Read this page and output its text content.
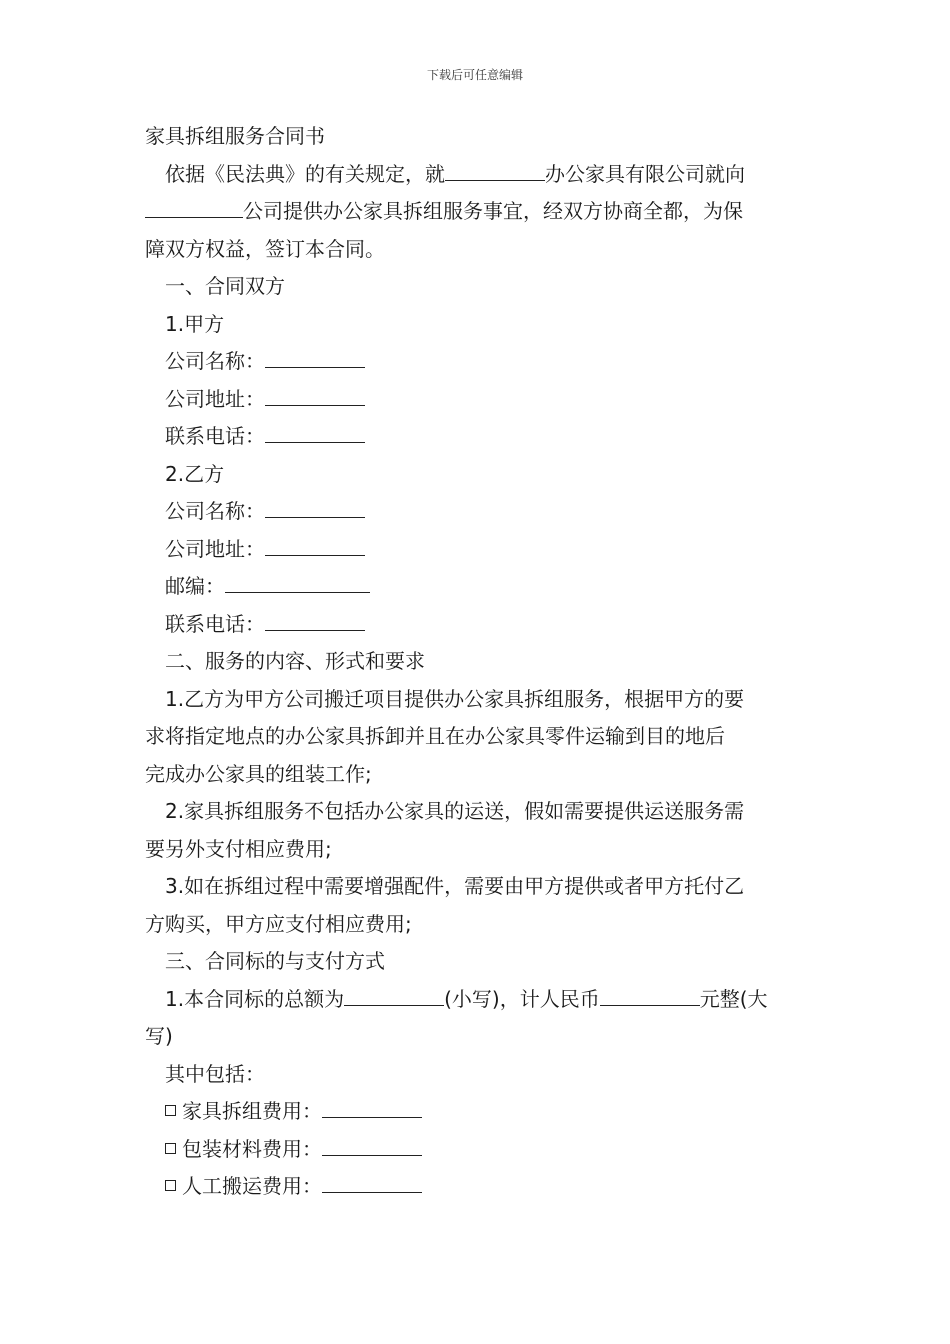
下载后可任意编辑
家具拆组服务合同书
依据《民法典》的有关规定，就	办公家具有限公司就向
公司提供办公家具拆组服务事宜，经双方协商全都，为保
障双方权益，签订本合同。
一、合同双方
1.甲方
公司名称：
公司地址：
联系电话：
2.乙方
公司名称：
公司地址：
邮编：
联系电话：
二、服务的内容、形式和要求
1.乙方为甲方公司搬迁项目提供办公家具拆组服务，根据甲方的要
求将指定地点的办公家具拆卸并且在办公家具零件运输到目的地后
完成办公家具的组装工作;
2.家具拆组服务不包括办公家具的运送，假如需要提供运送服务需
要另外支付相应费用;
3.如在拆组过程中需要增强配件，需要由甲方提供或者甲方托付乙
方购买，甲方应支付相应费用;
三、合同标的与支付方式
1.本合同标的总额为	(小写)，计人民币	元整(大
写)
其中包括：
家具拆组费用：
包装材料费用：
人工搬运费用：
